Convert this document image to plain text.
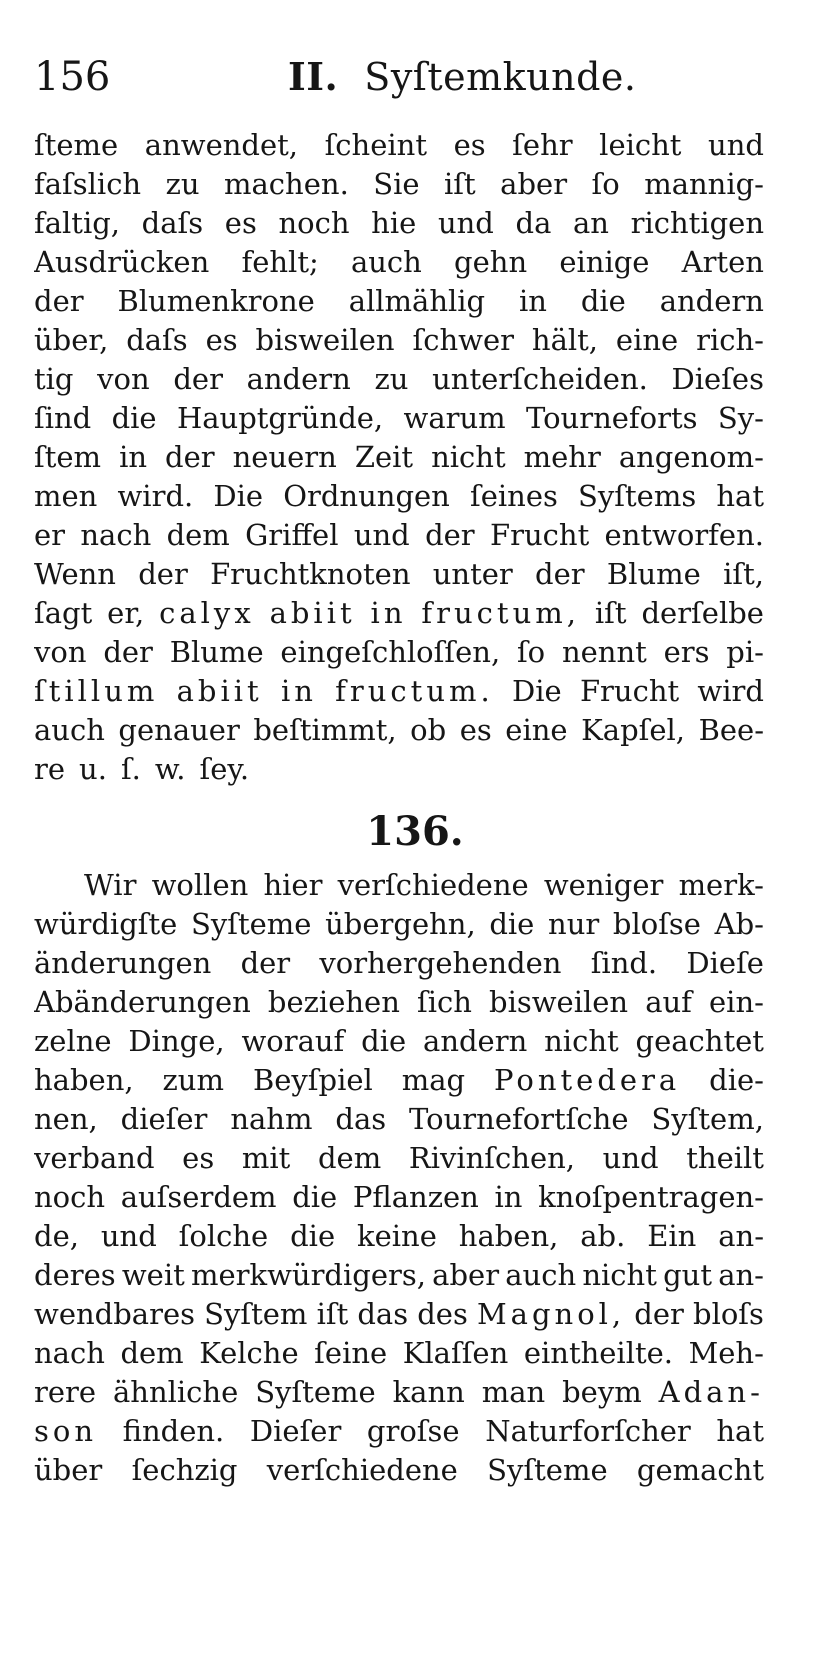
156	II. Syſtemkunde.
ſteme anwendet, ſcheint es ſehr leicht und
faſslich zu machen. Sie iſt aber ſo mannig-
faltig, daſs es noch hie und da an richtigen
Ausdrücken fehlt; auch gehn einige Arten
der Blumenkrone allmählig in die andern
über, daſs es bisweilen ſchwer hält, eine rich-
tig von der andern zu unterſcheiden. Dieſes
ſind die Hauptgründe, warum Tourneforts Sy-
ſtem in der neuern Zeit nicht mehr angenom-
men wird. Die Ordnungen ſeines Syſtems hat
er nach dem Griffel und der Frucht entworfen.
Wenn der Fruchtknoten unter der Blume iſt,
ſagt er, calyx abiit in fructum, iſt derſelbe
von der Blume eingeſchloſſen, ſo nennt ers pi-
ſtillum abiit in fructum. Die Frucht wird
auch genauer beſtimmt, ob es eine Kapſel, Bee-
re u. ſ. w. ſey.
136.
Wir wollen hier verſchiedene weniger merk-
würdigſte Syſteme übergehn, die nur bloſse Ab-
änderungen der vorhergehenden ſind. Dieſe
Abänderungen beziehen ſich bisweilen auf ein-
zelne Dinge, worauf die andern nicht geachtet
haben, zum Beyſpiel mag Pontedera die-
nen, dieſer nahm das Tournefortſche Syſtem,
verband es mit dem Rivinſchen, und theilt
noch auſserdem die Pflanzen in knoſpentragen-
de, und ſolche die keine haben, ab. Ein an-
deres weit merkwürdigers, aber auch nicht gut an-
wendbares Syſtem iſt das des Magnol, der bloſs
nach dem Kelche ſeine Klaſſen eintheilte. Meh-
rere ähnliche Syſteme kann man beym Adan-
son finden. Dieſer groſse Naturforſcher hat
über ſechzig verſchiedene Syſteme gemacht
